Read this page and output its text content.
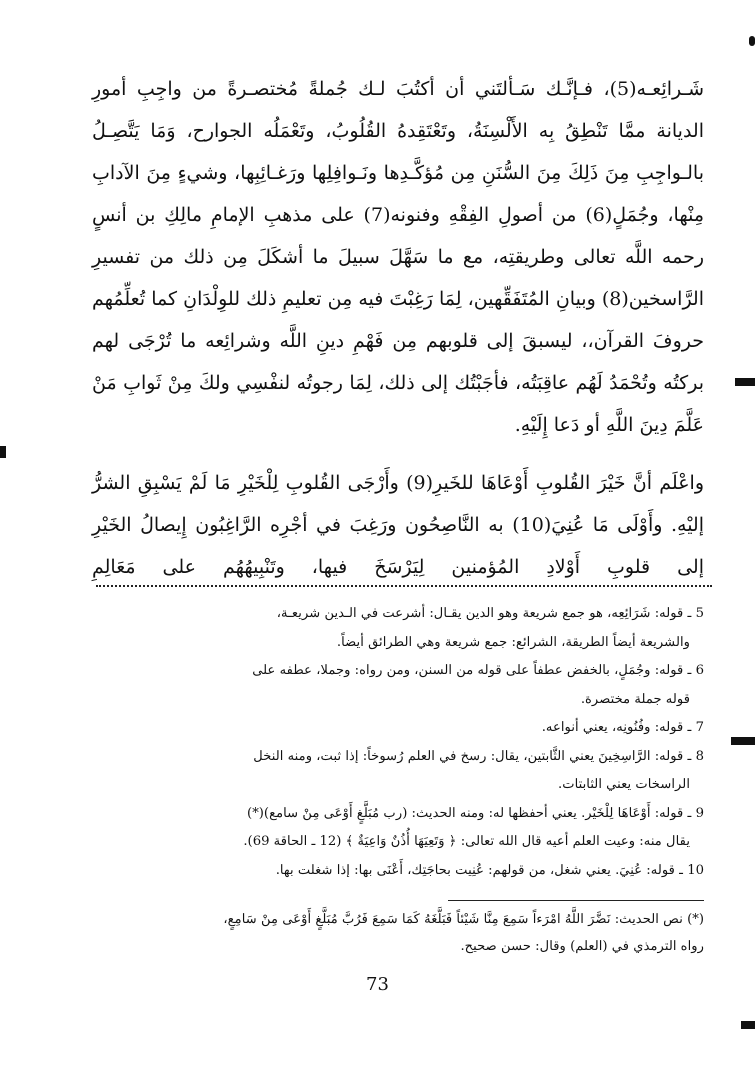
شَـرائِعـه(5)، فـإنَّـك سَـألتَني أن أكتُبَ لـك جُملةً مُختصـرةً من واجِبِ أمورِ الديانة ممَّا تَنْطِقُ بِه الأَلْسِنَةُ، وتَعْتَقِدهُ القُلُوبُ، وتَعْمَلُه الجوارح، وَمَا يَتَّصِـلُ بالـواجِبِ مِنَ ذَلِكَ مِنَ السُّنَنِ مِن مُؤكَّـدِها ونَـوافِلِها ورَغـائِبِها، وشيءٍ مِنَ الآدابِ مِنْها، وجُمَلٍ(6) من أصولِ الفِقْهِ وفنونه(7) على مذهبِ الإمامِ مالِكِ بن أنسٍ رحمه اللَّه تعالى وطريقتِه، مع ما سَهَّلَ سبيلَ ما أشكَلَ مِن ذلك من تفسيرِ الرَّاسخين(8) وبيانِ المُتَفَقِّهين، لِمَا رَغِبْتَ فيه مِن تعليمِ ذلك للوِلْدَانِ كما تُعلِّمُهم حروفَ القرآن،، ليسبقَ إلى قلوبهم مِن فَهْمِ دينِ اللَّه وشرائِعه ما تُرْجَى لهم بركتُه وتُحْمَدُ لَهُم عاقِبَتُه، فأجَبْتُك إلى ذلك، لِمَا رجوتُه لنفْسِي ولكَ مِنْ ثَوابِ مَنْ عَلَّمَ دِينَ اللَّهِ أو دَعا إِلَيْهِ.

واعْلَم أنَّ خَيْرَ القُلوبِ أَوْعَاهَا للخَيرِ(9) وأَرْجَى القُلوبِ لِلْخَيْرِ مَا لَمْ يَسْبِقِ الشرُّ إليْهِ. وأَوْلَى مَا عُنِيَ(10) به النَّاصِحُون ورَغِبَ في أجْرِه الرَّاغِبُون إِيصالُ الخَيْرِ إلى قلوبِ أَوْلادِ المُؤمنين لِيَرْسَخَ فيها، وتَنْبِيهُهُم على مَعَالِمِ

5 ـ قوله: شَرَائِعِه، هو جمع شريعة وهو الدين يقـال: أشرعت في الـدين شريعـة،
والشريعة أيضاً الطريقة، الشرائع: جمع شريعة وهي الطرائق أيضاً.

6 ـ قوله: وجُمَلٍ، بالخفض عطفاً على قوله من السنن، ومن رواه: وجملا، عطفه على
قوله جملة مختصرة.

7 ـ قوله: وفُنُونِه، يعني أنواعه.

8 ـ قوله: الرَّاسِخِينَ يعني الثَّابتين، يقال: رسخ في العلم رُسوخاً: إذا ثبت، ومنه النخل
الراسخات يعني الثابتات.

9 ـ قوله: أَوْعَاهَا لِلْخَيْر. يعني أحفظها له: ومنه الحديث: (رب مُبَلَّغٍ أَوْعَى مِنْ سامع)(*)
يقال منه: وعيت العلم أعيه قال الله تعالى: ﴿ وَتَعِيَهَا أُذُنٌ وَاعِيَةٌ ﴾ (12 ـ الحاقة 69).

10 ـ قوله: عُنِيَ. يعني شغل، من قولهم: عُنِيت بحاجَتِك، أَعْنَى بها: إذا شغلت بها.

(*) نص الحديث: نَضَّرَ اللَّهُ امْرَءاً سَمِعَ مِنَّا شَيْئاً فَبَلَّغَهُ كَمَا سَمِعَ فَرُبَّ مُبَلَّغٍ أَوْعَى مِنْ سَامِعٍ،

رواه الترمذي في (العلم) وقال: حسن صحيح.

73
